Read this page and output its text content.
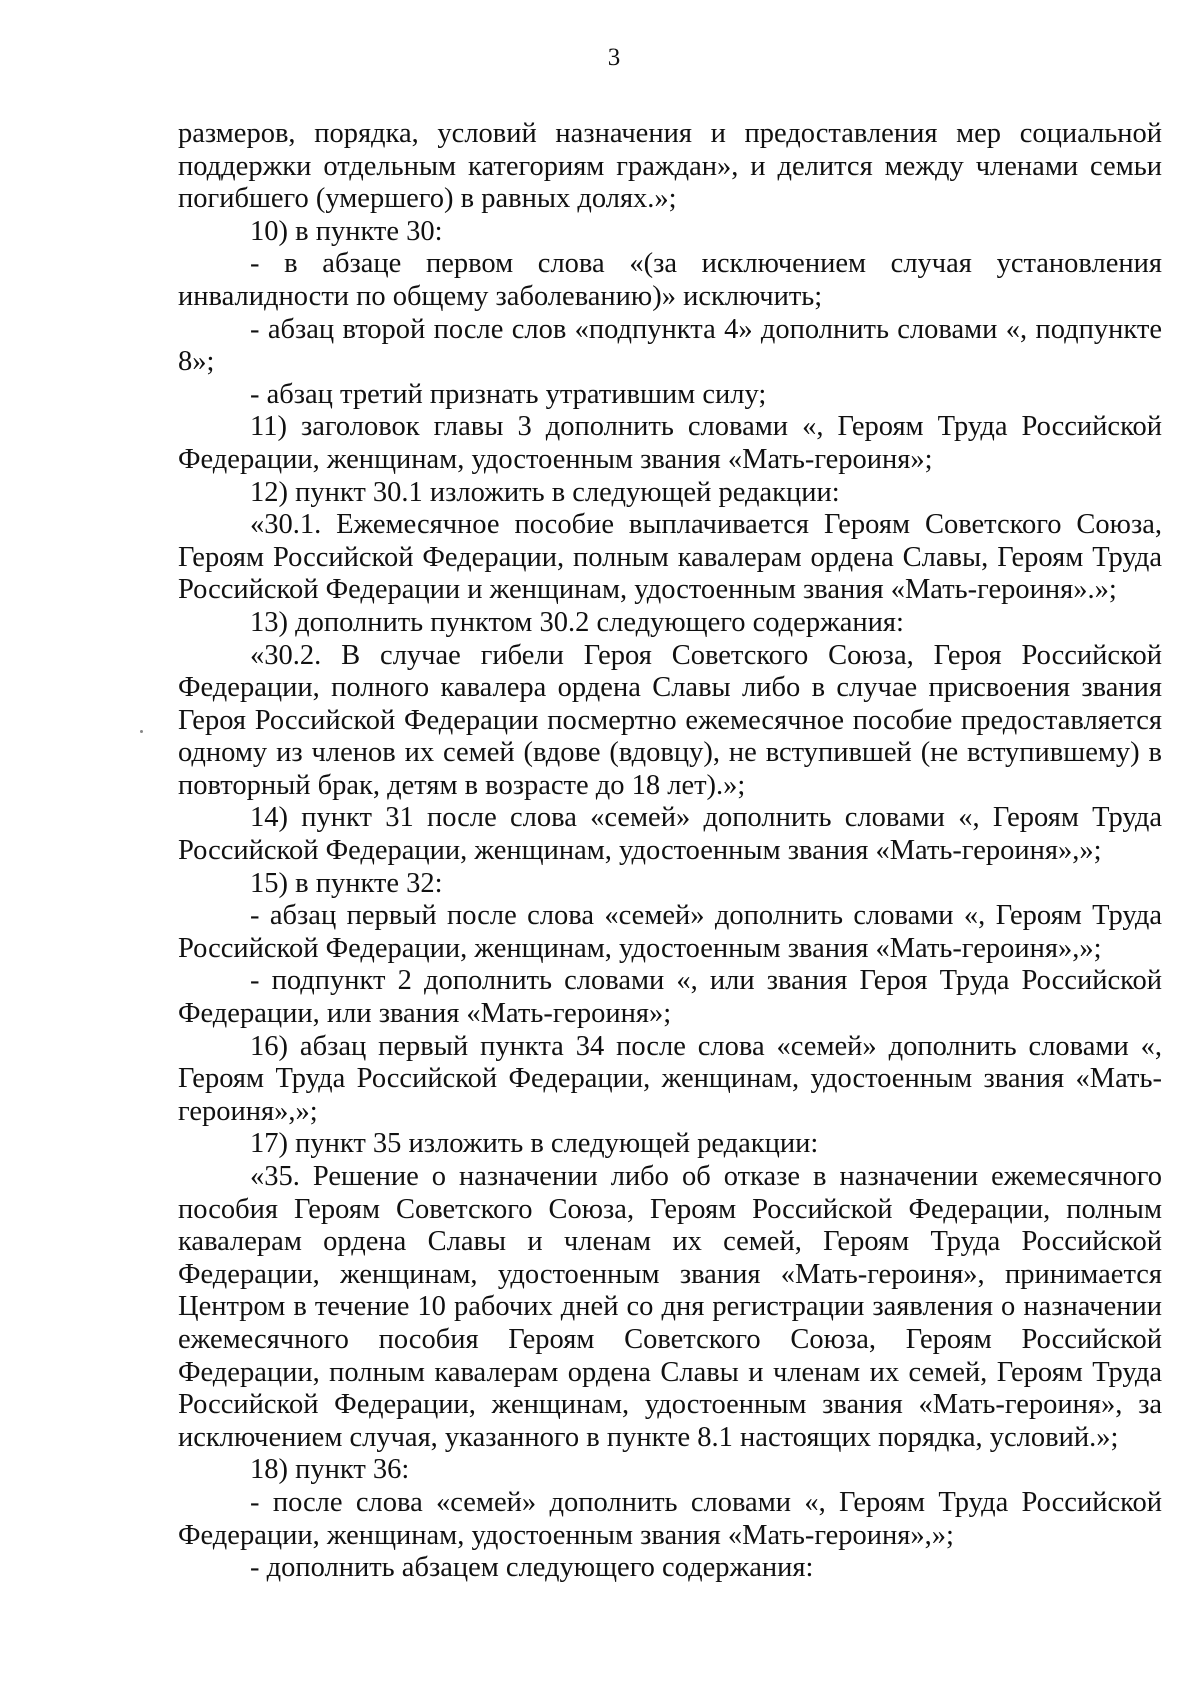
3

размеров, порядка, условий назначения и предоставления мер социальной поддержки отдельным категориям граждан», и делится между членами семьи погибшего (умершего) в равных долях.»;

10) в пункте 30:

- в абзаце первом слова «(за исключением случая установления инвалидности по общему заболеванию)» исключить;

- абзац второй после слов «подпункта 4» дополнить словами «, подпункте 8»;

- абзац третий признать утратившим силу;

11) заголовок главы 3 дополнить словами «, Героям Труда Российской Федерации, женщинам, удостоенным звания «Мать-героиня»;

12) пункт 30.1 изложить в следующей редакции:

«30.1. Ежемесячное пособие выплачивается Героям Советского Союза, Героям Российской Федерации, полным кавалерам ордена Славы, Героям Труда Российской Федерации и женщинам, удостоенным звания «Мать-героиня».»;

13) дополнить пунктом 30.2 следующего содержания:

«30.2. В случае гибели Героя Советского Союза, Героя Российской Федерации, полного кавалера ордена Славы либо в случае присвоения звания Героя Российской Федерации посмертно ежемесячное пособие предоставляется одному из членов их семей (вдове (вдовцу), не вступившей (не вступившему) в повторный брак, детям в возрасте до 18 лет).»;

14) пункт 31 после слова «семей» дополнить словами «, Героям Труда Российской Федерации, женщинам, удостоенным звания «Мать-героиня»,»;

15) в пункте 32:

- абзац первый после слова «семей» дополнить словами «, Героям Труда Российской Федерации, женщинам, удостоенным звания «Мать-героиня»,»;

- подпункт 2 дополнить словами «, или звания Героя Труда Российской Федерации, или звания «Мать-героиня»;

16) абзац первый пункта 34 после слова «семей» дополнить словами «, Героям Труда Российской Федерации, женщинам, удостоенным звания «Мать-героиня»,»;

17) пункт 35 изложить в следующей редакции:

«35. Решение о назначении либо об отказе в назначении ежемесячного пособия Героям Советского Союза, Героям Российской Федерации, полным кавалерам ордена Славы и членам их семей, Героям Труда Российской Федерации, женщинам, удостоенным звания «Мать-героиня», принимается Центром в течение 10 рабочих дней со дня регистрации заявления о назначении ежемесячного пособия Героям Советского Союза, Героям Российской Федерации, полным кавалерам ордена Славы и членам их семей, Героям Труда Российской Федерации, женщинам, удостоенным звания «Мать-героиня», за исключением случая, указанного в пункте 8.1 настоящих порядка, условий.»;

18) пункт 36:

- после слова «семей» дополнить словами «, Героям Труда Российской Федерации, женщинам, удостоенным звания «Мать-героиня»,»;

- дополнить абзацем следующего содержания:
